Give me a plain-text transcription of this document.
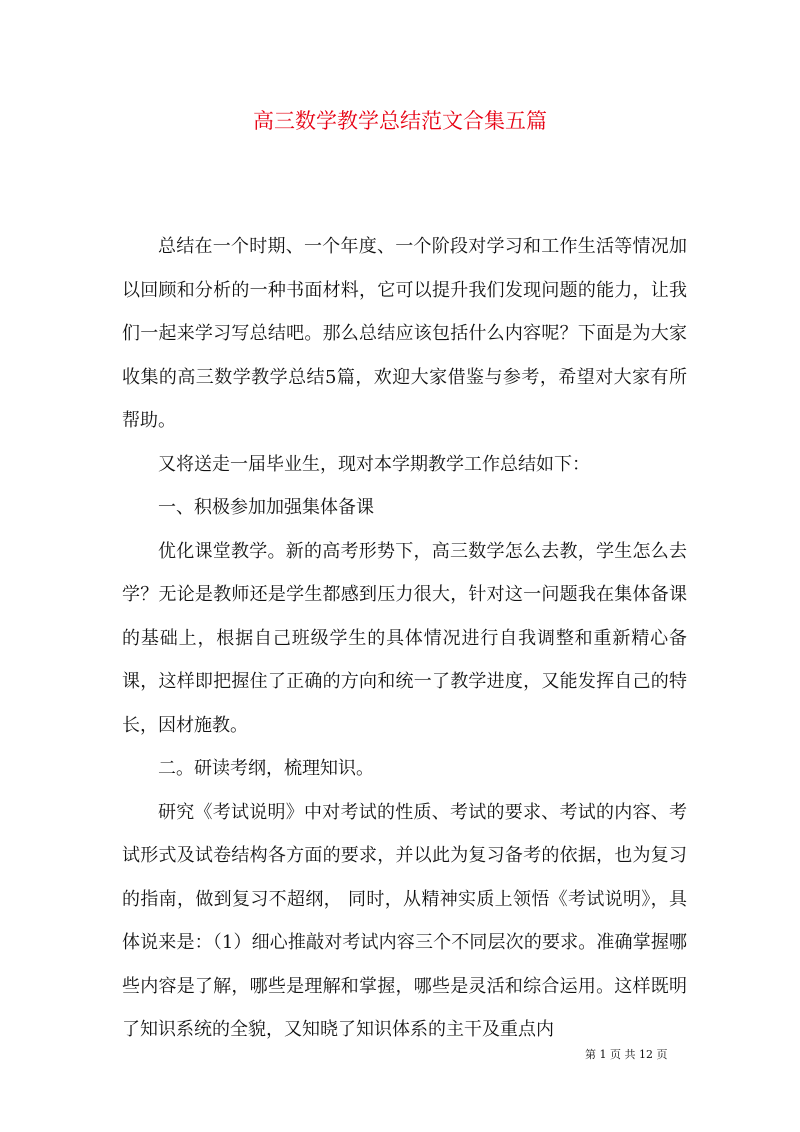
高三数学教学总结范文合集五篇

总结在一个时期、一个年度、一个阶段对学习和工作生活等情况加以回顾和分析的一种书面材料，它可以提升我们发现问题的能力，让我们一起来学习写总结吧。那么总结应该包括什么内容呢？下面是为大家收集的高三数学教学总结5篇，欢迎大家借鉴与参考，希望对大家有所帮助。

又将送走一届毕业生，现对本学期教学工作总结如下：

一、积极参加加强集体备课

优化课堂教学。新的高考形势下，高三数学怎么去教，学生怎么去学？无论是教师还是学生都感到压力很大，针对这一问题我在集体备课的基础上，根据自己班级学生的具体情况进行自我调整和重新精心备课，这样即把握住了正确的方向和统一了教学进度，又能发挥自己的特长，因材施教。

二。研读考纲，梳理知识。

研究《考试说明》中对考试的性质、考试的要求、考试的内容、考试形式及试卷结构各方面的要求，并以此为复习备考的依据，也为复习的指南，做到复习不超纲， 同时，从精神实质上领悟《考试说明》，具体说来是：（1）细心推敲对考试内容三个不同层次的要求。准确掌握哪些内容是了解，哪些是理解和掌握，哪些是灵活和综合运用。这样既明了知识系统的全貌，又知晓了知识体系的主干及重点内

第 1 页 共 12 页
